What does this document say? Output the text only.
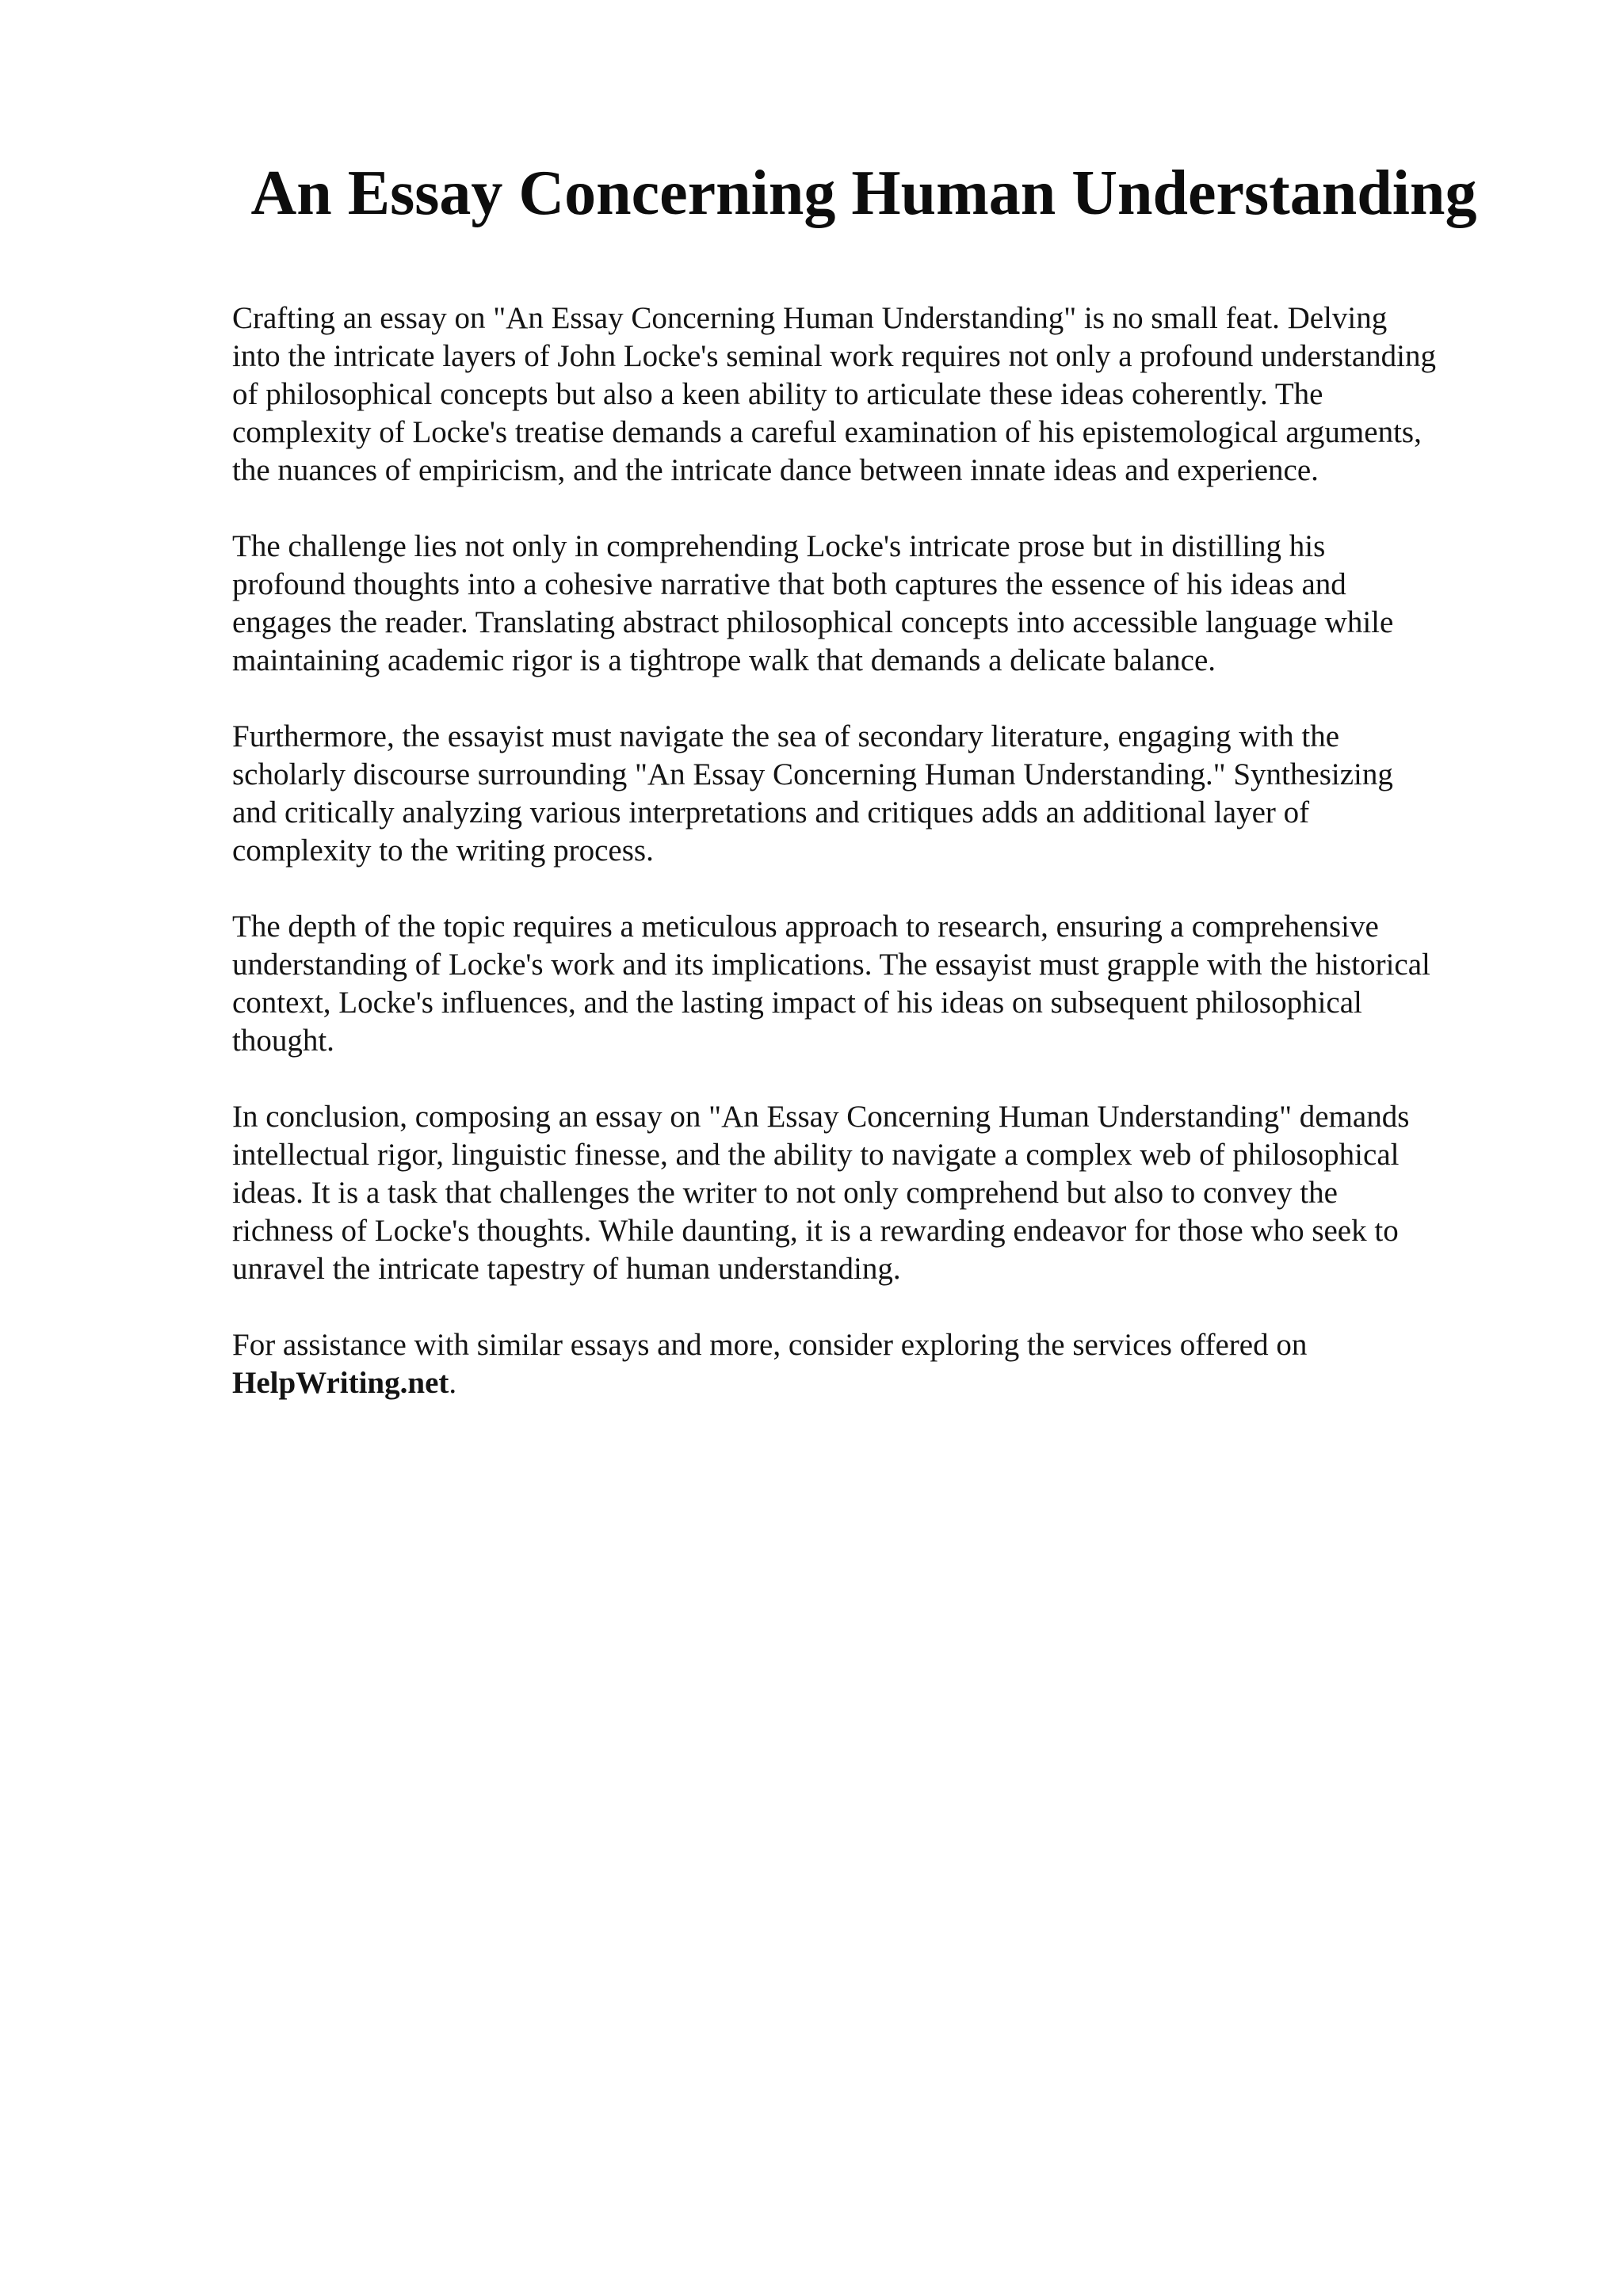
An Essay Concerning Human Understanding

Crafting an essay on "An Essay Concerning Human Understanding" is no small feat. Delving
into the intricate layers of John Locke's seminal work requires not only a profound understanding
of philosophical concepts but also a keen ability to articulate these ideas coherently. The
complexity of Locke's treatise demands a careful examination of his epistemological arguments,
the nuances of empiricism, and the intricate dance between innate ideas and experience.

The challenge lies not only in comprehending Locke's intricate prose but in distilling his
profound thoughts into a cohesive narrative that both captures the essence of his ideas and
engages the reader. Translating abstract philosophical concepts into accessible language while
maintaining academic rigor is a tightrope walk that demands a delicate balance.

Furthermore, the essayist must navigate the sea of secondary literature, engaging with the
scholarly discourse surrounding "An Essay Concerning Human Understanding." Synthesizing
and critically analyzing various interpretations and critiques adds an additional layer of
complexity to the writing process.

The depth of the topic requires a meticulous approach to research, ensuring a comprehensive
understanding of Locke's work and its implications. The essayist must grapple with the historical
context, Locke's influences, and the lasting impact of his ideas on subsequent philosophical
thought.

In conclusion, composing an essay on "An Essay Concerning Human Understanding" demands
intellectual rigor, linguistic finesse, and the ability to navigate a complex web of philosophical
ideas. It is a task that challenges the writer to not only comprehend but also to convey the
richness of Locke's thoughts. While daunting, it is a rewarding endeavor for those who seek to
unravel the intricate tapestry of human understanding.

For assistance with similar essays and more, consider exploring the services offered on
HelpWriting.net.
